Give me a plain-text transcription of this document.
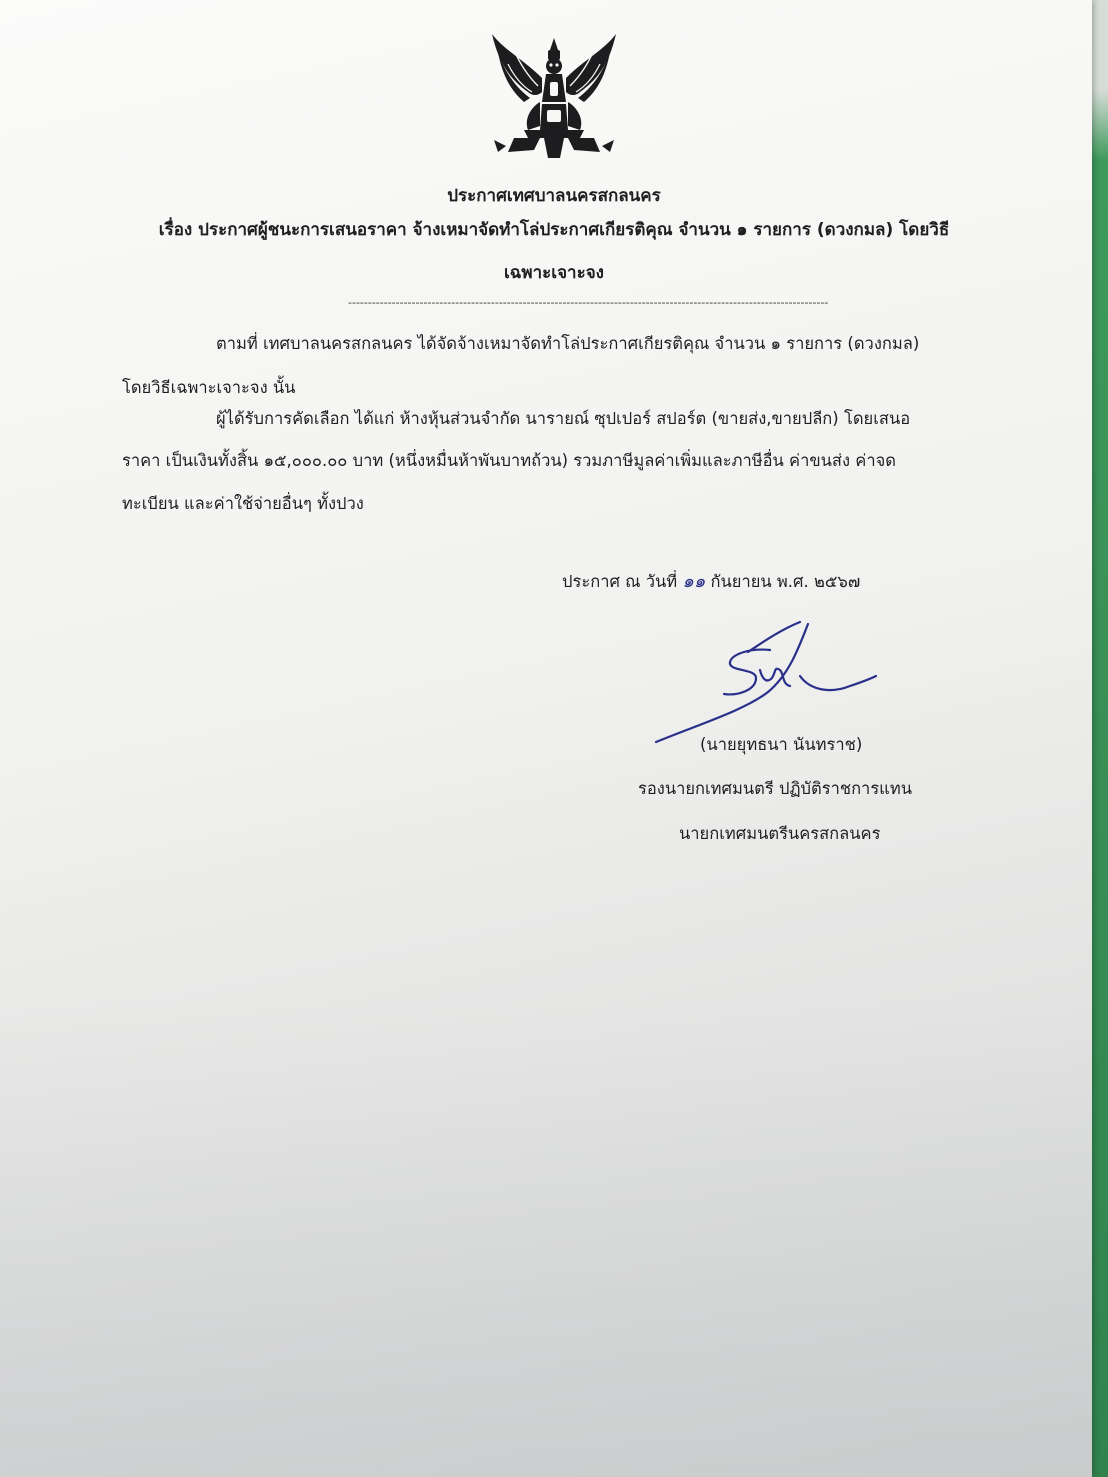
ประกาศเทศบาลนครสกลนคร
เรื่อง ประกาศผู้ชนะการเสนอราคา จ้างเหมาจัดทำโล่ประกาศเกียรติคุณ จำนวน ๑ รายการ (ดวงกมล) โดยวิธี
เฉพาะเจาะจง
-------------------------------------------------------------------------------------------------------------------------
ตามที่ เทศบาลนครสกลนคร ได้จัดจ้างเหมาจัดทำโล่ประกาศเกียรติคุณ จำนวน ๑ รายการ (ดวงกมล)
โดยวิธีเฉพาะเจาะจง นั้น
ผู้ได้รับการคัดเลือก ได้แก่ ห้างหุ้นส่วนจำกัด นารายณ์ ซุปเปอร์ สปอร์ต (ขายส่ง,ขายปลีก) โดยเสนอ
ราคา เป็นเงินทั้งสิ้น ๑๕,๐๐๐.๐๐ บาท (หนึ่งหมื่นห้าพันบาทถ้วน) รวมภาษีมูลค่าเพิ่มและภาษีอื่น ค่าขนส่ง ค่าจด
ทะเบียน และค่าใช้จ่ายอื่นๆ ทั้งปวง
ประกาศ ณ วันที่ ๑๑ กันยายน พ.ศ. ๒๕๖๗
(นายยุทธนา นันทราช)
รองนายกเทศมนตรี ปฏิบัติราชการแทน
นายกเทศมนตรีนครสกลนคร
